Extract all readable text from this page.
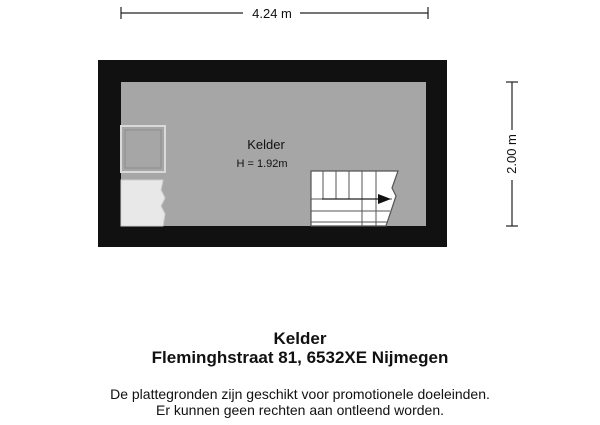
4.24 m
2.00 m
Kelder
H = 1.92m
Kelder
Fleminghstraat 81, 6532XE Nijmegen
De plattegronden zijn geschikt voor promotionele doeleinden.
Er kunnen geen rechten aan ontleend worden.
